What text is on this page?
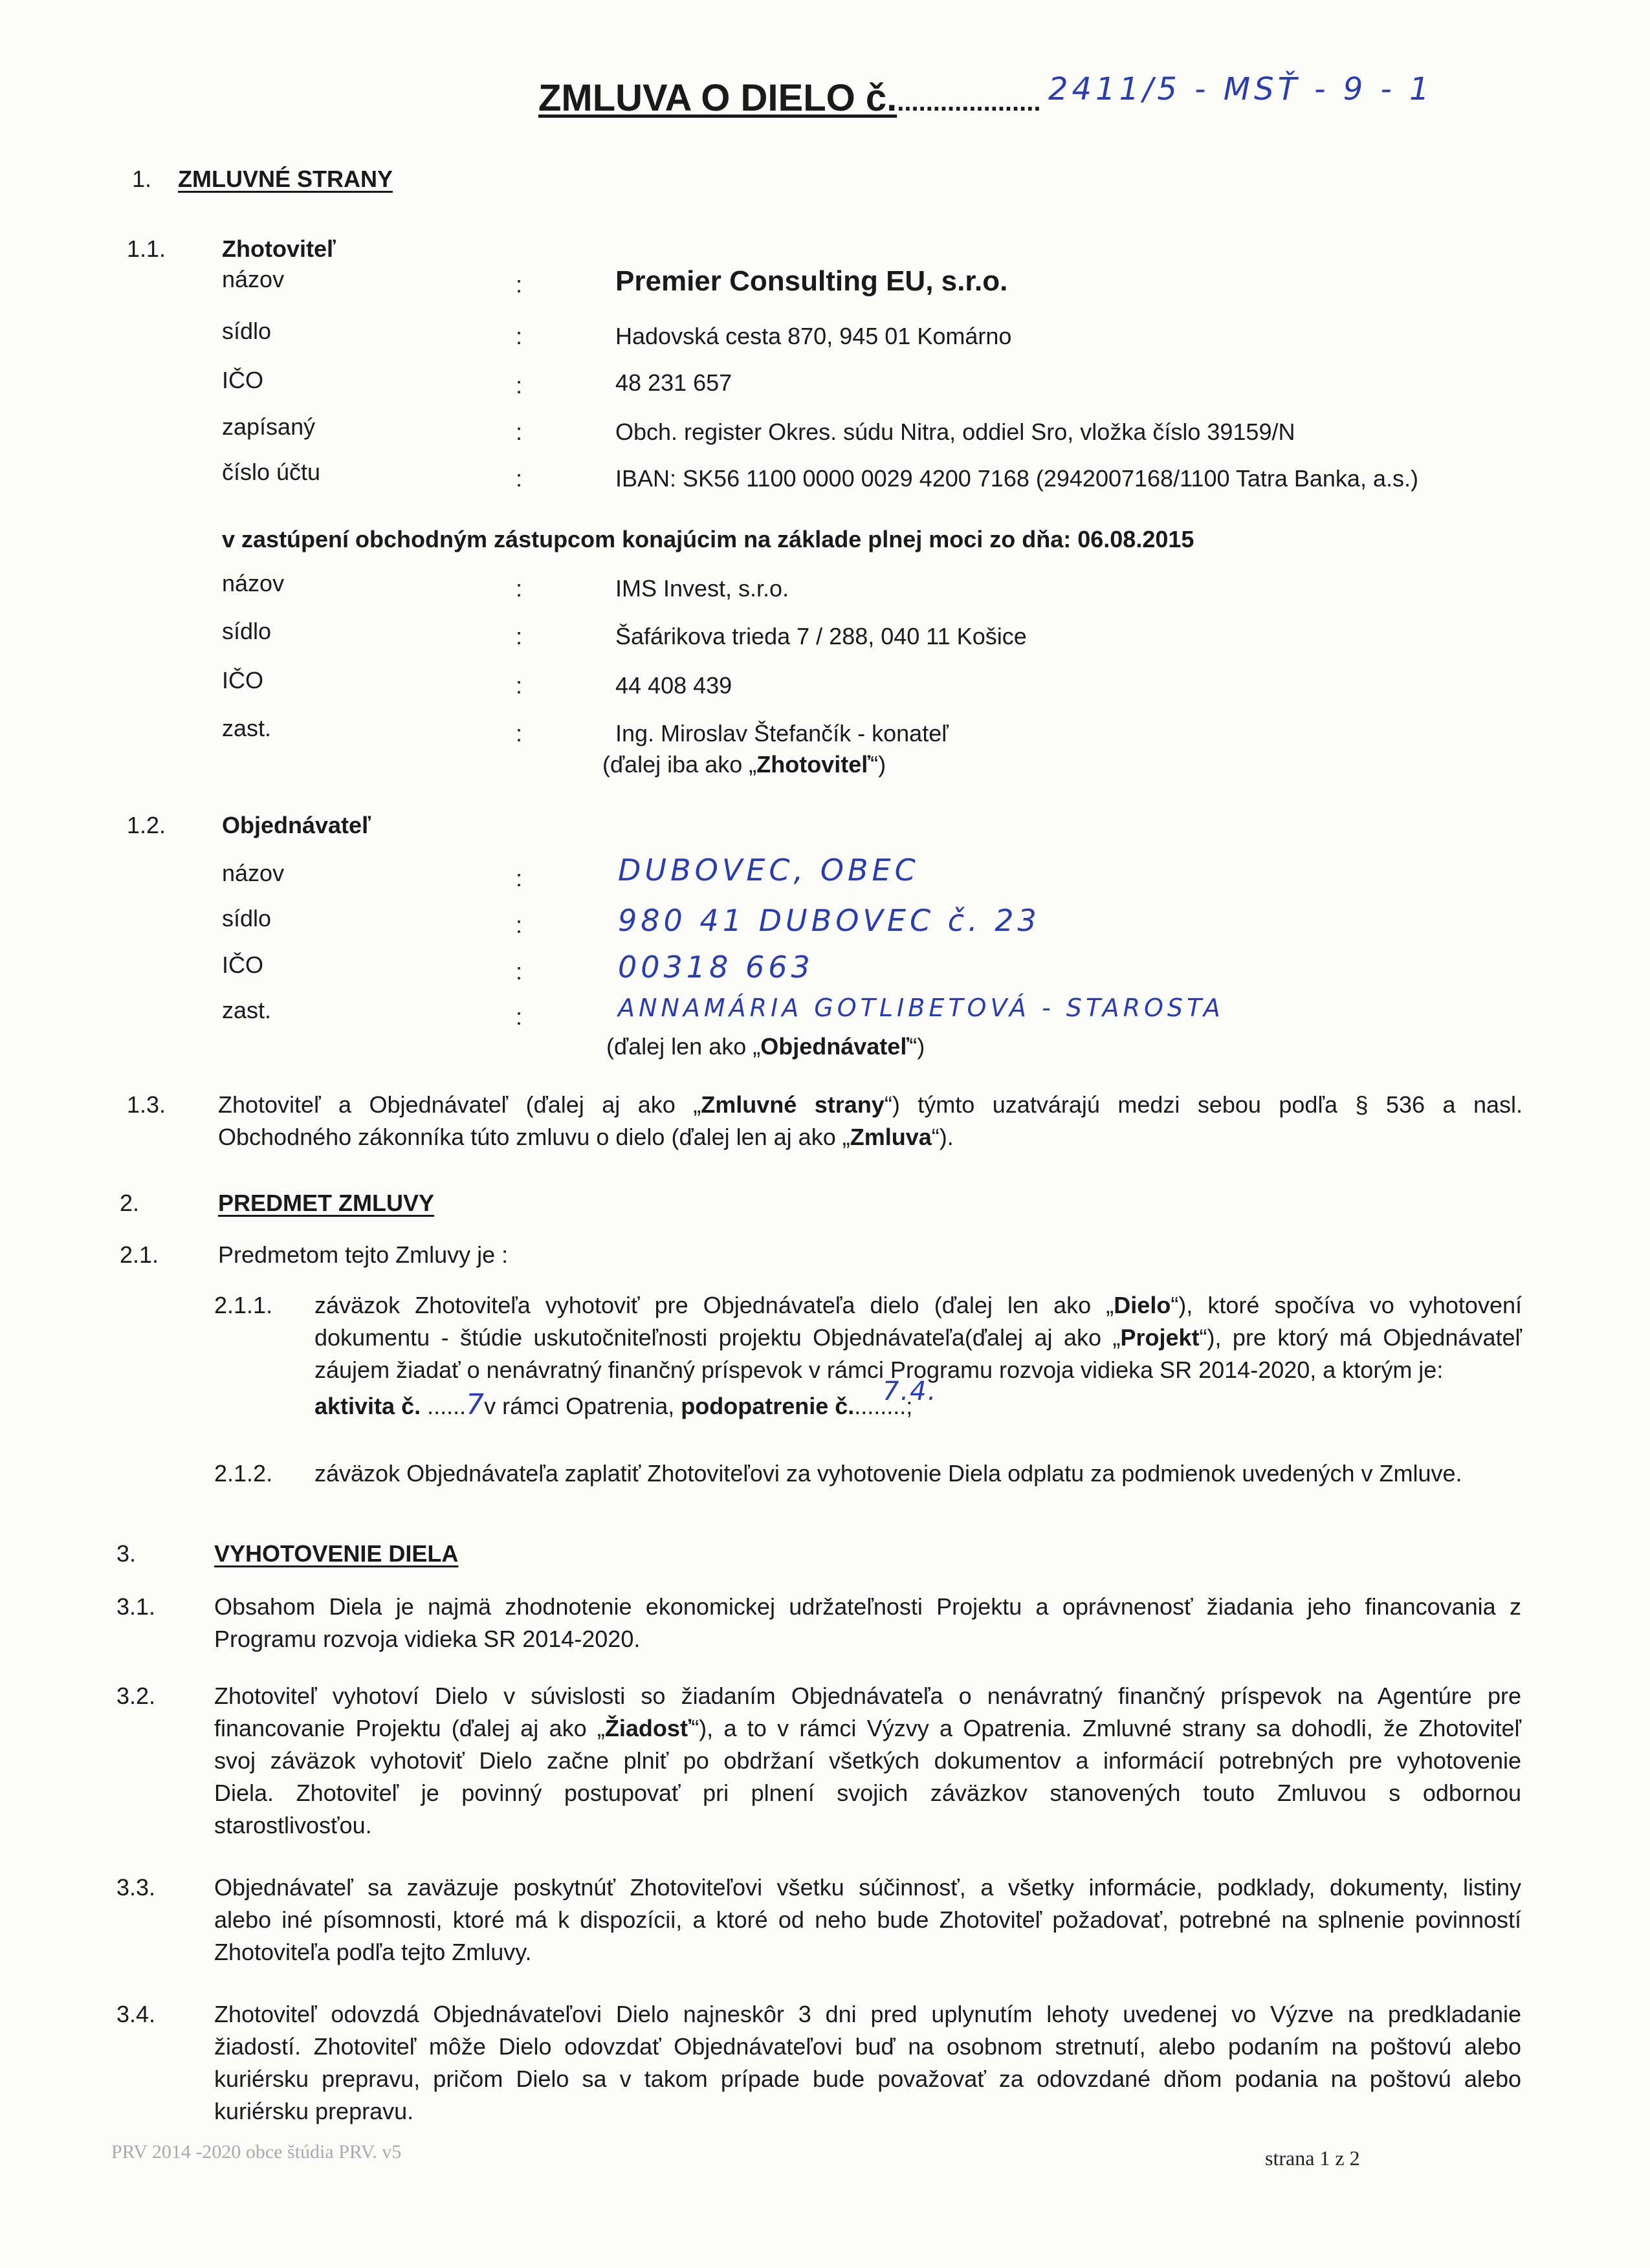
ZMLUVA O DIELO č..................... 2411/5 - MSŤ - 9 - 1
1. ZMLUVNÉ STRANY
1.1. Zhotoviteľ
názov	:	Premier Consulting EU, s.r.o.
sídlo	:	Hadovská cesta 870, 945 01 Komárno
IČO	:	48 231 657
zapísaný	:	Obch. register Okres. súdu Nitra, oddiel Sro, vložka číslo 39159/N
číslo účtu	:	IBAN: SK56 1100 0000 0029 4200 7168 (2942007168/1100 Tatra Banka, a.s.)
v zastúpení obchodným zástupcom konajúcim na základe plnej moci zo dňa: 06.08.2015
názov	:	IMS Invest, s.r.o.
sídlo	:	Šafárikova trieda 7 / 288, 040 11 Košice
IČO	:	44 408 439
zast.	:	Ing. Miroslav Štefančík - konateľ
(ďalej iba ako „Zhotoviteľ“)
1.2. Objednávateľ
názov	:	DUBOVEC, OBEC
sídlo	:	980 41 DUBOVEC č. 23
IČO	:	00318 663
zast.	:	ANNAMÁRIA GOTLIBETOVÁ - STAROSTA
(ďalej len ako „Objednávateľ“)
1.3. Zhotoviteľ a Objednávateľ (ďalej aj ako „Zmluvné strany“) týmto uzatvárajú medzi sebou podľa § 536 a nasl.
Obchodného zákonníka túto zmluvu o dielo (ďalej len aj ako „Zmluva“).
2.	PREDMET ZMLUVY
2.1.	Predmetom tejto Zmluvy je :
2.1.1. záväzok Zhotoviteľa vyhotoviť pre Objednávateľa dielo (ďalej len ako „Dielo“), ktoré spočíva vo vyhotovení
dokumentu - štúdie uskutočniteľnosti projektu Objednávateľa(ďalej aj ako „Projekt“), pre ktorý má Objednávateľ
záujem žiadať o nenávratný finančný príspevok v rámci Programu rozvoja vidieka SR 2014-2020, a ktorým je:
aktivita č. ......7v rámci Opatrenia, podopatrenie č.........;
7.4.
2.1.2. záväzok Objednávateľa zaplatiť Zhotoviteľovi za vyhotovenie Diela odplatu za podmienok uvedených v Zmluve.
3.	VYHOTOVENIE DIELA
3.1.	Obsahom Diela je najmä zhodnotenie ekonomickej udržateľnosti Projektu a oprávnenosť žiadania jeho financovania z
Programu rozvoja vidieka SR 2014-2020.
3.2.	Zhotoviteľ vyhotoví Dielo v súvislosti so žiadaním Objednávateľa o nenávratný finančný príspevok na Agentúre pre
financovanie Projektu (ďalej aj ako „Žiadosť“), a to v rámci Výzvy a Opatrenia. Zmluvné strany sa dohodli, že Zhotoviteľ
svoj záväzok vyhotoviť Dielo začne plniť po obdržaní všetkých dokumentov a informácií potrebných pre vyhotovenie
Diela. Zhotoviteľ je povinný postupovať pri plnení svojich záväzkov stanovených touto Zmluvou s odbornou
starostlivosťou.
3.3.	Objednávateľ sa zaväzuje poskytnúť Zhotoviteľovi všetku súčinnosť, a všetky informácie, podklady, dokumenty, listiny
alebo iné písomnosti, ktoré má k dispozícii, a ktoré od neho bude Zhotoviteľ požadovať, potrebné na splnenie povinností
Zhotoviteľa podľa tejto Zmluvy.
3.4.	Zhotoviteľ odovzdá Objednávateľovi Dielo najneskôr 3 dni pred uplynutím lehoty uvedenej vo Výzve na predkladanie
žiadostí. Zhotoviteľ môže Dielo odovzdať Objednávateľovi buď na osobnom stretnutí, alebo podaním na poštovú alebo
kuriérsku prepravu, pričom Dielo sa v takom prípade bude považovať za odovzdané dňom podania na poštovú alebo
kuriérsku prepravu.
PRV 2014 -2020 obce štúdia PRV. v5	strana 1 z 2
